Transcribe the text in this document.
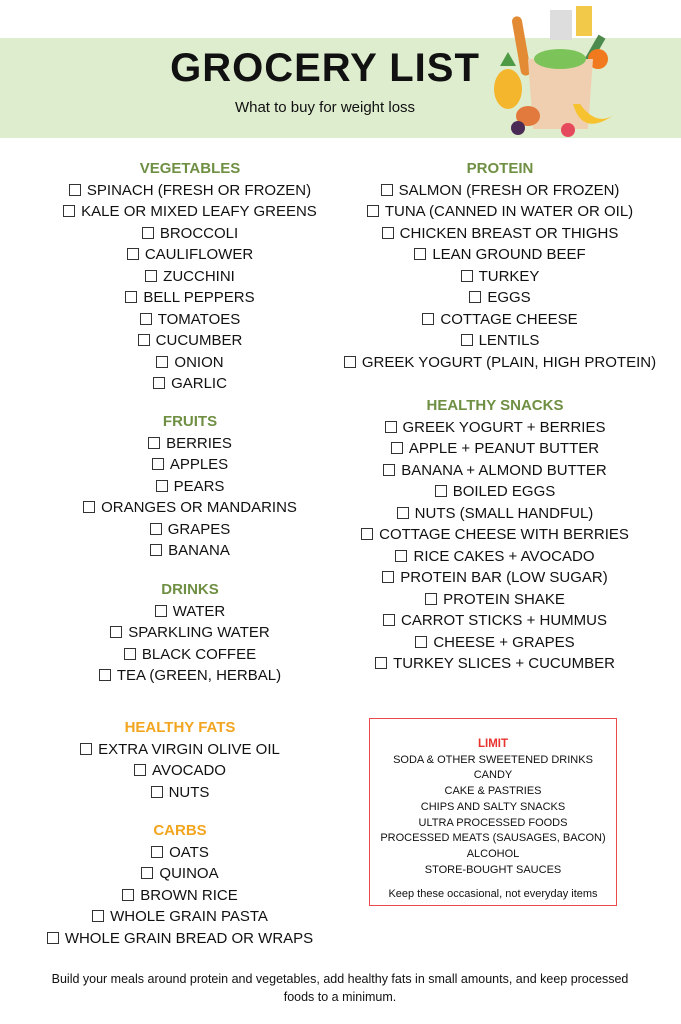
GROCERY LIST
What to buy for weight loss
VEGETABLES
SPINACH (FRESH OR FROZEN)
KALE OR MIXED LEAFY GREENS
BROCCOLI
CAULIFLOWER
ZUCCHINI
BELL PEPPERS
TOMATOES
CUCUMBER
ONION
GARLIC
FRUITS
BERRIES
APPLES
PEARS
ORANGES OR MANDARINS
GRAPES
BANANA
DRINKS
WATER
SPARKLING WATER
BLACK COFFEE
TEA (GREEN, HERBAL)
HEALTHY FATS
EXTRA VIRGIN OLIVE OIL
AVOCADO
NUTS
CARBS
OATS
QUINOA
BROWN RICE
WHOLE GRAIN PASTA
WHOLE GRAIN BREAD OR WRAPS
PROTEIN
SALMON (FRESH OR FROZEN)
TUNA (CANNED IN WATER OR OIL)
CHICKEN BREAST OR THIGHS
LEAN GROUND BEEF
TURKEY
EGGS
COTTAGE CHEESE
LENTILS
GREEK YOGURT (PLAIN, HIGH PROTEIN)
HEALTHY SNACKS
GREEK YOGURT + BERRIES
APPLE + PEANUT BUTTER
BANANA + ALMOND BUTTER
BOILED EGGS
NUTS (SMALL HANDFUL)
COTTAGE CHEESE WITH BERRIES
RICE CAKES + AVOCADO
PROTEIN BAR (LOW SUGAR)
PROTEIN SHAKE
CARROT STICKS + HUMMUS
CHEESE + GRAPES
TURKEY SLICES + CUCUMBER
LIMIT
SODA & OTHER SWEETENED DRINKS
CANDY
CAKE & PASTRIES
CHIPS AND SALTY SNACKS
ULTRA PROCESSED FOODS
PROCESSED MEATS (SAUSAGES, BACON)
ALCOHOL
STORE-BOUGHT SAUCES
Keep these occasional, not everyday items
Build your meals around protein and vegetables, add healthy fats in small amounts, and keep processed foods to a minimum.
